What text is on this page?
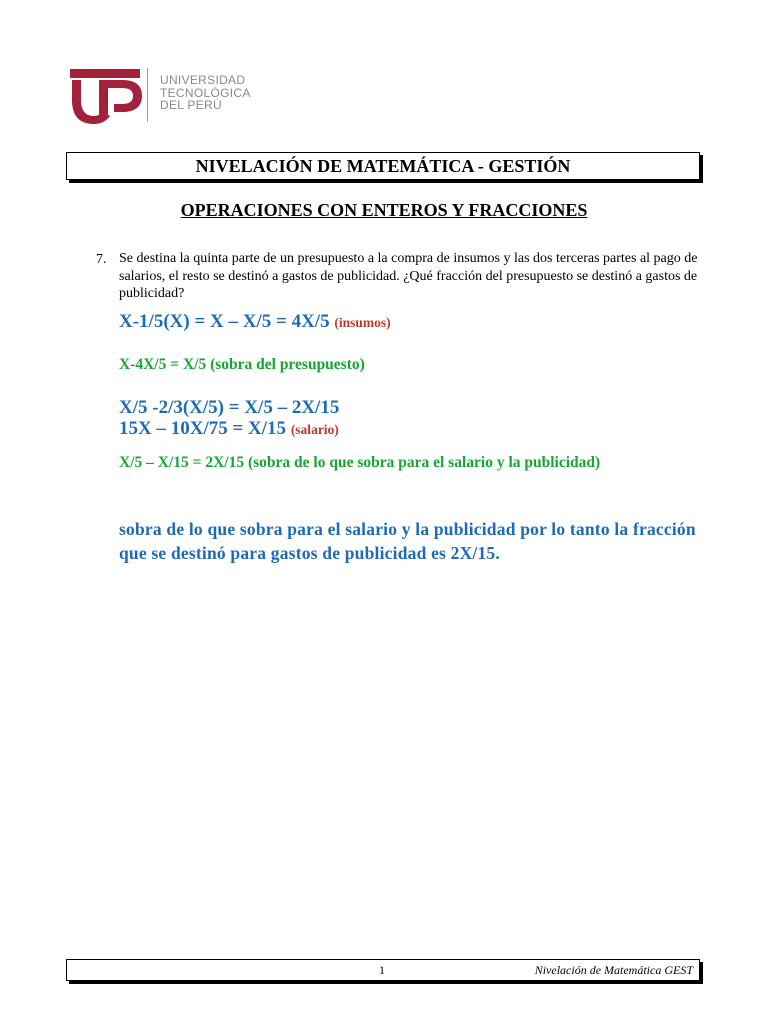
UNIVERSIDAD
TECNOLÓGICA
DEL PERÚ
NIVELACIÓN DE MATEMÁTICA - GESTIÓN
OPERACIONES CON ENTEROS Y FRACCIONES
7. Se destina la quinta parte de un presupuesto a la compra de insumos y las dos terceras partes al pago de salarios, el resto se destinó a gastos de publicidad. ¿Qué fracción del presupuesto se destinó a gastos de publicidad?
X-1/5(X) = X – X/5 = 4X/5 (insumos)
X-4X/5 = X/5 (sobra del presupuesto)
X/5 -2/3(X/5) = X/5 – 2X/15
15X – 10X/75 = X/15 (salario)
X/5 – X/15 = 2X/15 (sobra de lo que sobra para el salario y la publicidad)
sobra de lo que sobra para el salario y la publicidad por lo tanto la fracción que se destinó para gastos de publicidad es 2X/15.
1	Nivelación de Matemática GEST
